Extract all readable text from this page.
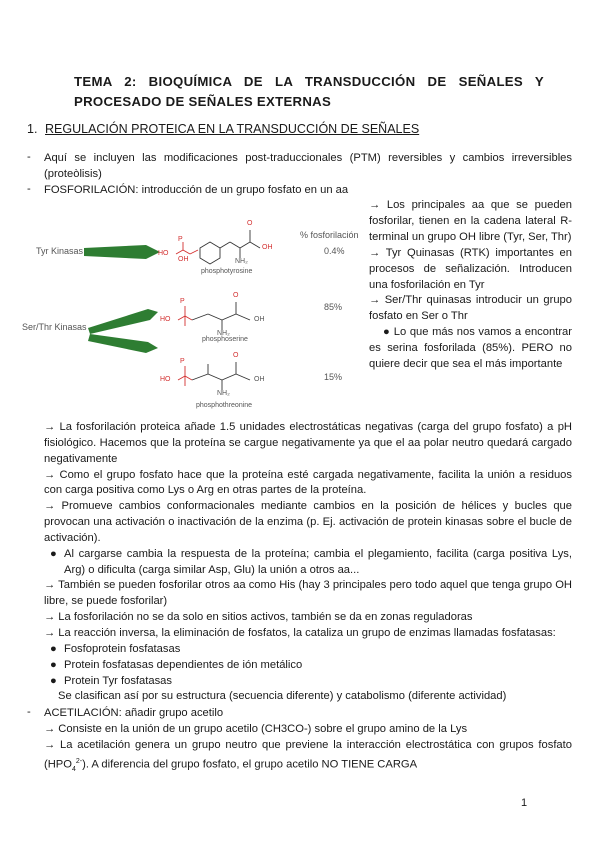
TEMA 2: BIOQUÍMICA DE LA TRANSDUCCIÓN DE SEÑALES Y
PROCESADO DE SEÑALES EXTERNAS
1. REGULACIÓN PROTEICA EN LA TRANSDUCCIÓN DE SEÑALES
- Aquí se incluyen las modificaciones post-traduccionales (PTM) reversibles y cambios irreversibles (proteòlisis)
- FOSFORILACIÓN: introducción de un grupo fosfato en un aa
HO
P
OH
O
NH₂
OH
HO
P
O
NH₂
OH
HO
P
O
NH₂
OH
Tyr Kinasas
Ser/Thr Kinasas
phosphotyrosine
phosphoserine
phosphothreonine
% fosforilación
0.4%
85%
15%

→ Los principales aa que se pueden fosforilar, tienen en la cadena lateral R-terminal un grupo OH libre (Tyr, Ser, Thr)

→ Tyr Quinasas (RTK) importantes en procesos de señalización. Introducen una fosforilación en Tyr

→ Ser/Thr quinasas introducir un grupo fosfato en Ser o Thr

● Lo que más nos vamos a encontrar es serina fosforilada (85%). PERO no quiere decir que sea el más importante

→ La fosforilación proteica añade 1.5 unidades electrostáticas negativas (carga del grupo fosfato) a pH fisiológico. Hacemos que la proteína se cargue negativamente ya que el aa polar neutro quedará cargado negativamente

→ Como el grupo fosfato hace que la proteína esté cargada negativamente, facilita la unión a residuos con carga positiva como Lys o Arg en otras partes de la proteína.

→ Promueve cambios conformacionales mediante cambios en la posición de hélices y bucles que provocan una activación o inactivación de la enzima (p. Ej. activación de protein kinasas sobre el bucle de activación).

● Al cargarse cambia la respuesta de la proteína; cambia el plegamiento, facilita (carga positiva Lys, Arg) o dificulta (carga similar Asp, Glu) la unión a otros aa...

→ También se pueden fosforilar otros aa como His (hay 3 principales pero todo aquel que tenga grupo OH libre, se puede fosforilar)

→ La fosforilación no se da solo en sitios activos, también se da en zonas reguladoras

→ La reacción inversa, la eliminación de fosfatos, la cataliza un grupo de enzimas llamadas fosfatasas:

● Fosfoprotein fosfatasas

● Protein fosfatasas dependientes de ión metálico

● Protein Tyr fosfatasas

Se clasifican así por su estructura (secuencia diferente) y catabolismo (diferente actividad)

- ACETILACIÓN: añadir grupo acetilo
→ Consiste en la unión de un grupo acetilo (CH3CO-) sobre el grupo amino de la Lys
→ La acetilación genera un grupo neutro que previene la interacción electrostática con grupos fosfato $(HPO_4^{2-})$. A diferencia del grupo fosfato, el grupo acetilo NO TIENE CARGA
1
